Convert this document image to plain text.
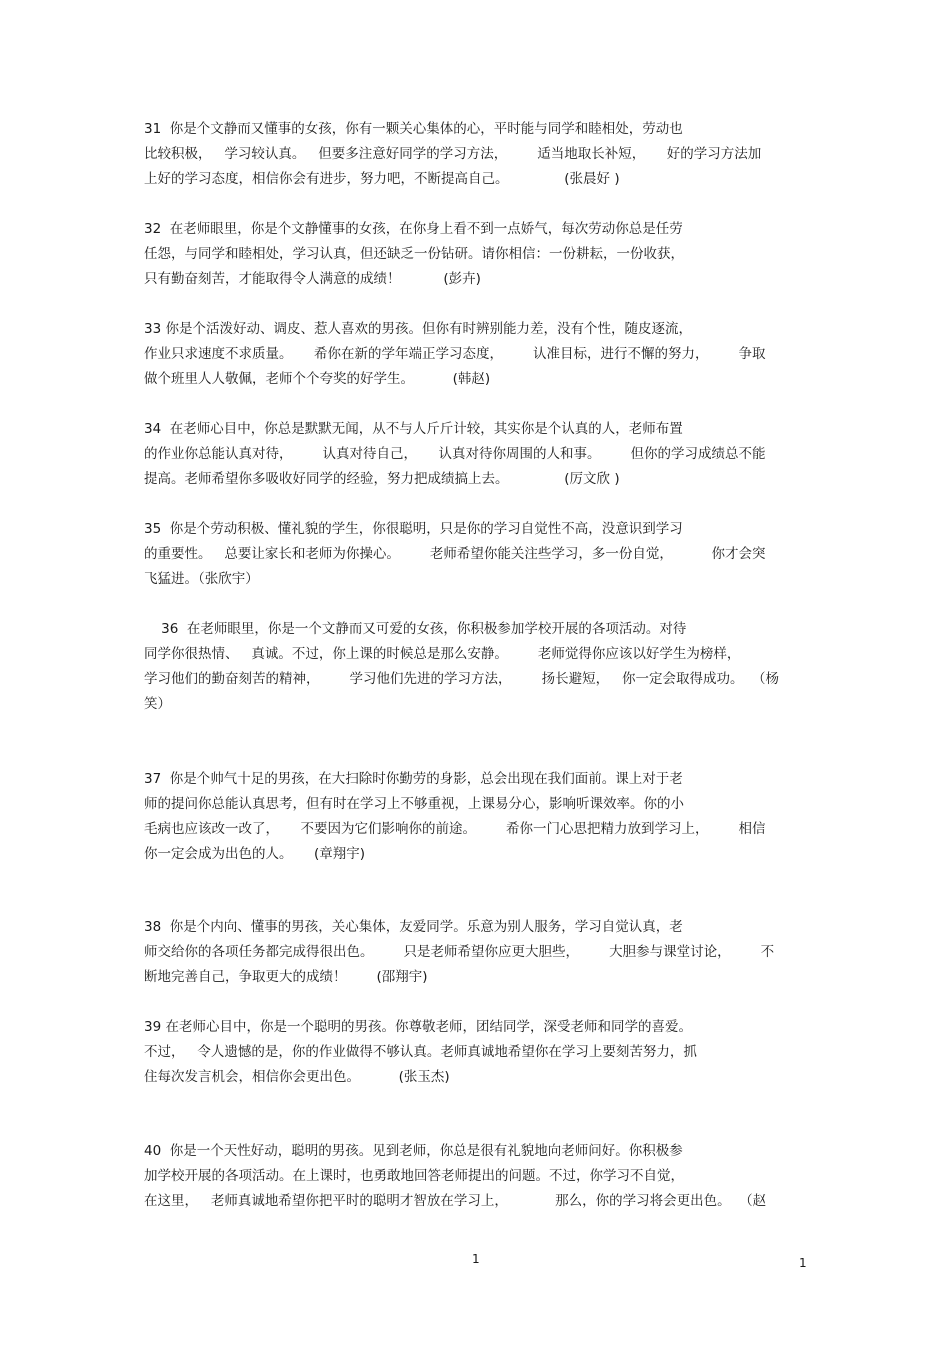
31  你是个文静而又懂事的女孩，你有一颗关心集体的心，平时能与同学和睦相处，劳动也
比较积极，   学习较认真。   但要多注意好同学的学习方法，       适当地取长补短，     好的学习方法加
上好的学习态度，相信你会有进步，努力吧，不断提高自己。             (张晨好 )
32  在老师眼里，你是个文静懂事的女孩，在你身上看不到一点娇气，每次劳动你总是任劳
任怨，与同学和睦相处，学习认真，但还缺乏一份钻研。请你相信：一份耕耘，一份收获，
只有勤奋刻苦，才能取得令人满意的成绩！          (彭卉)
33 你是个活泼好动、调皮、惹人喜欢的男孩。但你有时辨别能力差，没有个性，随皮逐流，
作业只求速度不求质量。     希你在新的学年端正学习态度，       认准目标，进行不懈的努力，       争取
做个班里人人敬佩，老师个个夸奖的好学生。         (韩赵)
34  在老师心目中，你总是默默无闻，从不与人斤斤计较，其实你是个认真的人，老师布置
的作业你总能认真对待，       认真对待自己，     认真对待你周围的人和事。       但你的学习成绩总不能
提高。老师希望你多吸收好同学的经验，努力把成绩搞上去。             (厉文欣 )
35  你是个劳动积极、懂礼貌的学生，你很聪明，只是你的学习自觉性不高，没意识到学习
的重要性。   总要让家长和老师为你操心。       老师希望你能关注些学习，多一份自觉，         你才会突
飞猛进。（张欣宇）
36  在老师眼里，你是一个文静而又可爱的女孩，你积极参加学校开展的各项活动。对待
同学你很热情、   真诚。不过，你上课的时候总是那么安静。       老师觉得你应该以好学生为榜样，
学习他们的勤奋刻苦的精神，       学习他们先进的学习方法，       扬长避短，   你一定会取得成功。  （杨
笑）
37  你是个帅气十足的男孩，在大扫除时你勤劳的身影，总会出现在我们面前。课上对于老
师的提问你总能认真思考，但有时在学习上不够重视，上课易分心，影响听课效率。你的小
毛病也应该改一改了，     不要因为它们影响你的前途。       希你一门心思把精力放到学习上，       相信
你一定会成为出色的人。     (章翔宇)
38  你是个内向、懂事的男孩，关心集体，友爱同学。乐意为别人服务，学习自觉认真，老
师交给你的各项任务都完成得很出色。       只是老师希望你应更大胆些，       大胆参与课堂讨论，       不
断地完善自己，争取更大的成绩！       (邵翔宇)
39 在老师心目中，你是一个聪明的男孩。你尊敬老师，团结同学，深受老师和同学的喜爱。
不过，   令人遗憾的是，你的作业做得不够认真。老师真诚地希望你在学习上要刻苦努力，抓
住每次发言机会，相信你会更出色。         (张玉杰)
40  你是一个天性好动，聪明的男孩。见到老师，你总是很有礼貌地向老师问好。你积极参
加学校开展的各项活动。在上课时，也勇敢地回答老师提出的问题。不过，你学习不自觉，
在这里，   老师真诚地希望你把平时的聪明才智放在学习上，           那么，你的学习将会更出色。  （赵
1	1
